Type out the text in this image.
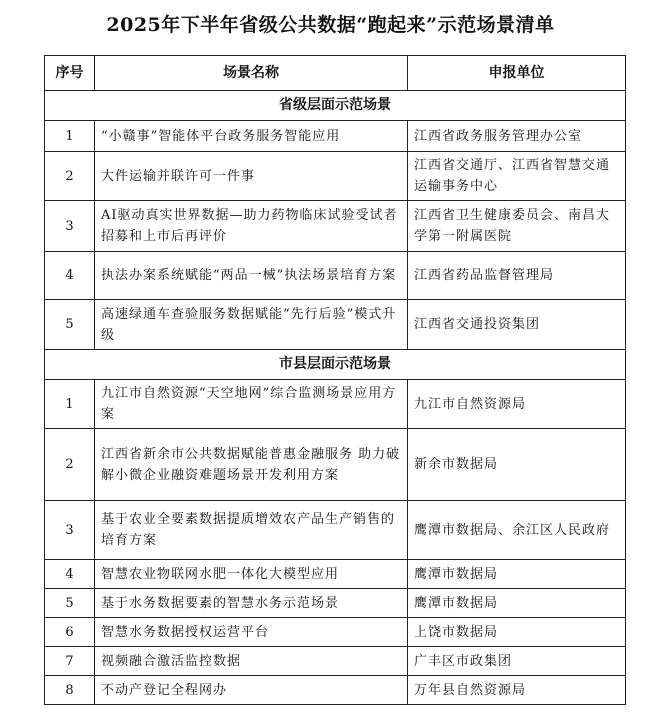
2025年下半年省级公共数据“跑起来”示范场景清单
序号	场景名称	申报单位
省级层面示范场景		
1	“小赣事”智能体平台政务服务智能应用	江西省政务服务管理办公室
2	大件运输并联许可一件事	江西省交通厅、江西省智慧交通运输事务中心
3	AI驱动真实世界数据—助力药物临床试验受试者招募和上市后再评价	江西省卫生健康委员会、南昌大学第一附属医院
4	执法办案系统赋能“两品一械”执法场景培育方案	江西省药品监督管理局
5	高速绿通车查验服务数据赋能“先行后验”模式升级	江西省交通投资集团
市县层面示范场景		
1	九江市自然资源“天空地网”综合监测场景应用方案	九江市自然资源局
2	江西省新余市公共数据赋能普惠金融服务 助力破解小微企业融资难题场景开发利用方案	新余市数据局
3	基于农业全要素数据提质增效农产品生产销售的培育方案	鹰潭市数据局、余江区人民政府
4	智慧农业物联网水肥一体化大模型应用	鹰潭市数据局
5	基于水务数据要素的智慧水务示范场景	鹰潭市数据局
6	智慧水务数据授权运营平台	上饶市数据局
7	视频融合激活监控数据	广丰区市政集团
8	不动产登记全程网办	万年县自然资源局
